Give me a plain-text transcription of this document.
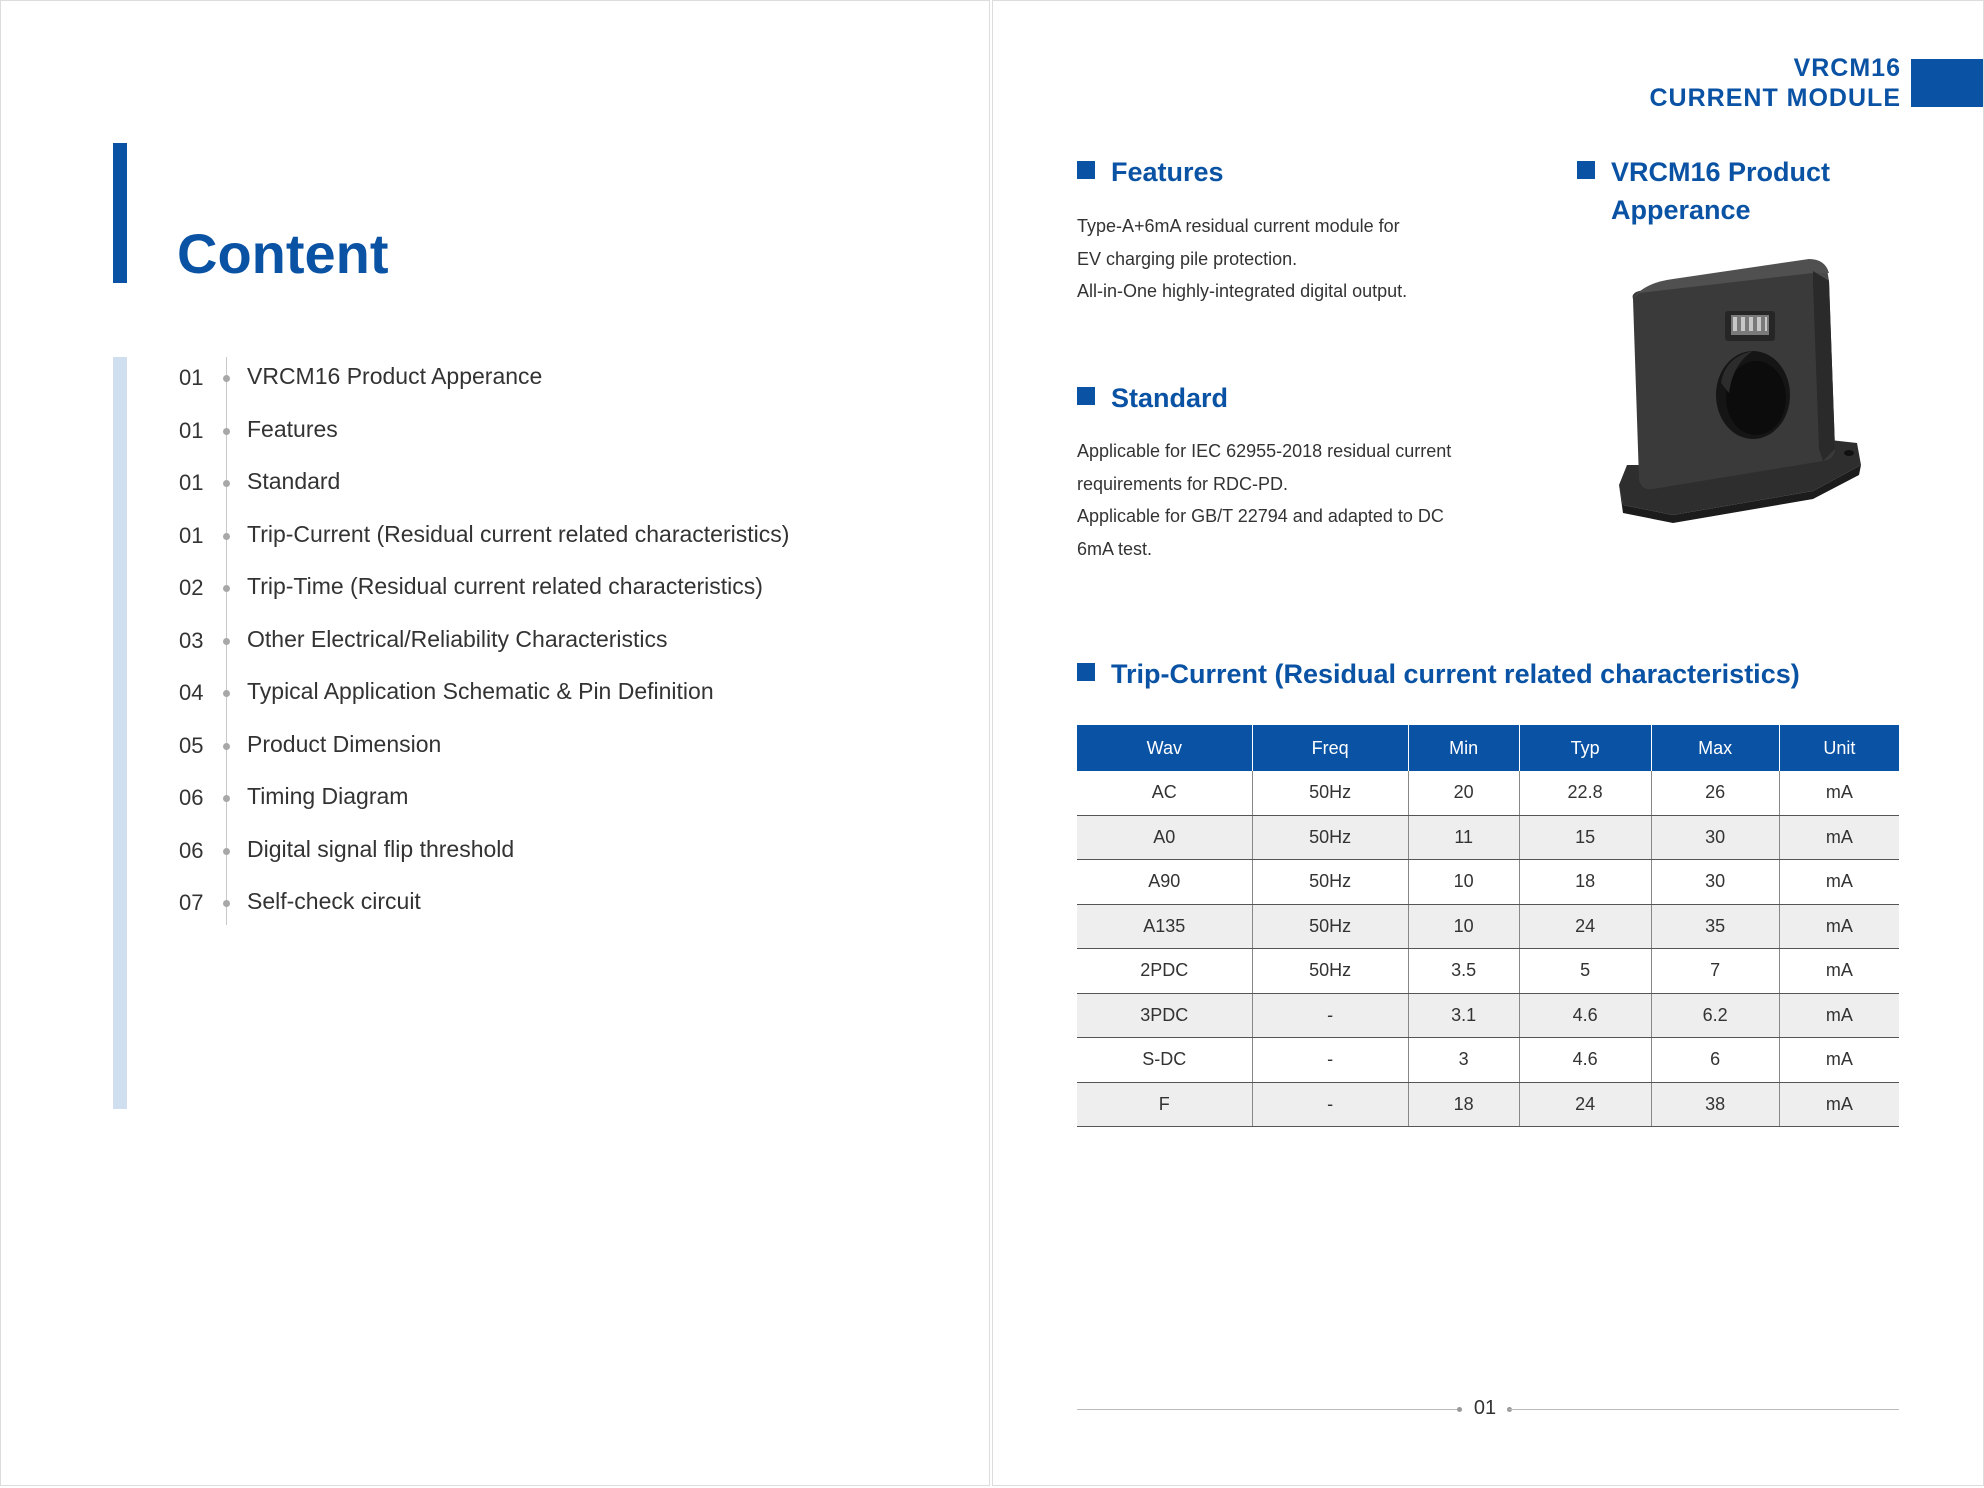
Content
01 VRCM16 Product Apperance
01 Features
01 Standard
01 Trip-Current (Residual current related characteristics)
02 Trip-Time (Residual current related characteristics)
03 Other Electrical/Reliability Characteristics
04 Typical Application Schematic & Pin Definition
05 Product Dimension
06 Timing Diagram
06 Digital signal flip threshold
07 Self-check circuit
VRCM16
CURRENT MODULE
Features

Type-A+6mA residual current module for
EV charging pile protection.
All-in-One highly-integrated digital output.

VRCM16 Product
Apperance
Standard

Applicable for IEC 62955-2018 residual current
requirements for RDC-PD.
Applicable for GB/T 22794 and adapted to DC
6mA test.

Trip-Current (Residual current related characteristics)
Wav	Freq	Min	Typ	Max	Unit
AC	50Hz	20	22.8	26	mA
A0	50Hz	11	15	30	mA
A90	50Hz	10	18	30	mA
A135	50Hz	10	24	35	mA
2PDC	50Hz	3.5	5	7	mA
3PDC	-	3.1	4.6	6.2	mA
S-DC	-	3	4.6	6	mA
F	-	18	24	38	mA
01
